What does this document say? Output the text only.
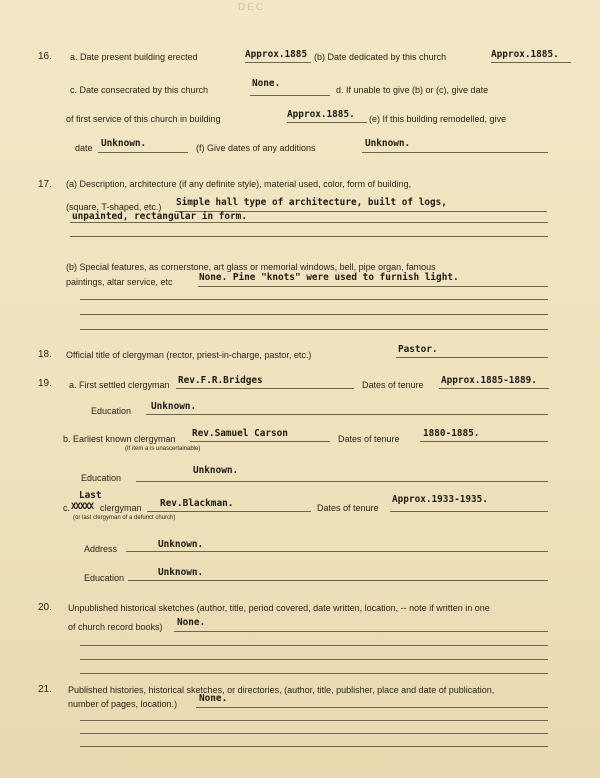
DEC
16. a. Date present building erected	Approx.1885 (b) Date dedicated by this church	Approx.1885.
c. Date consecrated by this church
None.
d. If unable to give (b) or (c), give date
of first service of this church in building	Approx.1885. (e) If this building remodelled, give
date Unknown.	(f) Give dates of any additions	Unknown.
17. (a) Description, architecture (if any definite style), material used, color, form of building,
(square, T-shaped, etc.) Simple hall type of architecture, built of logs,
unpainted, rectangular in form.
(b) Special features, as cornerstone, art glass or memorial windows, bell, pipe organ, famous
paintings, altar service, etc	None. Pine "knots" were used to furnish light.
18. Official title of clergyman (rector, priest-in-charge, pastor, etc.)	Pastor.
19. a. First settled clergyman Rev.F.R.Bridges	Dates of tenure Approx.1885-1889.
Education Unknown.
b. Earliest known clergyman Rev.Samuel Carson	Dates of tenure 1880-1885.
(If item a is unascertainable)
Education
Unknown.
Last
c. XXXXX clergyman Rev.Blackman.	Dates of tenure
Approx.1933-1935.
(or last clergyman of a defunct church)
Address	Unknown.
Education	Unknown.
20. Unpublished historical sketches (author, title, period covered, date written, location, -- note if written in one
of church record books) None.
21. Published histories, historical sketches, or directories, (author, title, publisher, place and date of publication,
number of pages, location.) None.
